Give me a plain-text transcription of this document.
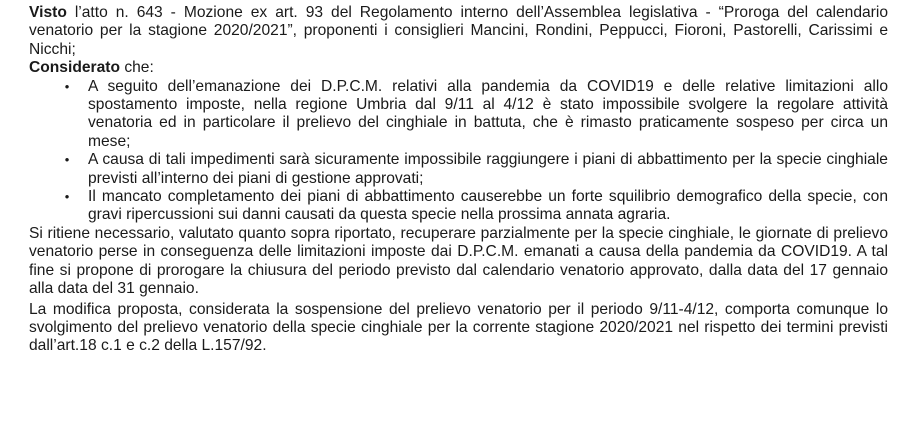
Visto l’atto n. 643 - Mozione ex art. 93 del Regolamento interno dell’Assemblea legislativa - “Proroga del calendario venatorio per la stagione 2020/2021”, proponenti i consiglieri Mancini, Rondini, Peppucci, Fioroni, Pastorelli, Carissimi e Nicchi;

Considerato che:

• A seguito dell’emanazione dei D.P.C.M. relativi alla pandemia da COVID19 e delle relative limitazioni allo spostamento imposte, nella regione Umbria dal 9/11 al 4/12 è stato impossibile svolgere la regolare attività venatoria ed in particolare il prelievo del cinghiale in battuta, che è rimasto praticamente sospeso per circa un mese;
• A causa di tali impedimenti sarà sicuramente impossibile raggiungere i piani di abbattimento per la specie cinghiale previsti all’interno dei piani di gestione approvati;
• Il mancato completamento dei piani di abbattimento causerebbe un forte squilibrio demografico della specie, con gravi ripercussioni sui danni causati da questa specie nella prossima annata agraria.

Si ritiene necessario, valutato quanto sopra riportato, recuperare parzialmente per la specie cinghiale, le giornate di prelievo venatorio perse in conseguenza delle limitazioni imposte dai D.P.C.M. emanati a causa della pandemia da COVID19. A tal fine si propone di prorogare la chiusura del periodo previsto dal calendario venatorio approvato, dalla data del 17 gennaio alla data del 31 gennaio.

La modifica proposta, considerata la sospensione del prelievo venatorio per il periodo 9/11-4/12, comporta comunque lo svolgimento del prelievo venatorio della specie cinghiale per la corrente stagione 2020/2021 nel rispetto dei termini previsti dall’art.18 c.1 e c.2 della L.157/92.
